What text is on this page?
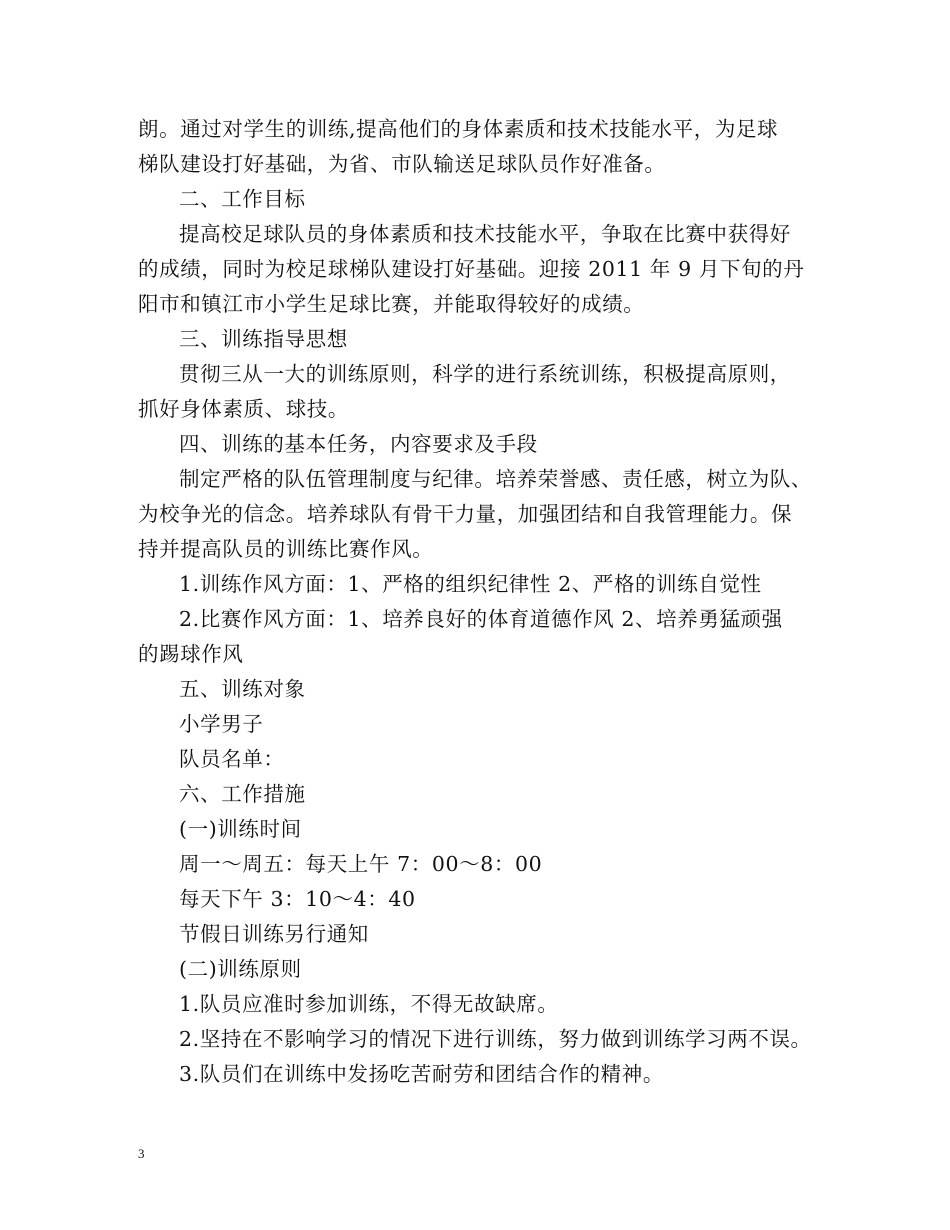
朗。通过对学生的训练,提高他们的身体素质和技术技能水平，为足球
梯队建设打好基础，为省、市队输送足球队员作好准备。
二、工作目标
提高校足球队员的身体素质和技术技能水平，争取在比赛中获得好
的成绩，同时为校足球梯队建设打好基础。迎接 2011 年 9 月下旬的丹
阳市和镇江市小学生足球比赛，并能取得较好的成绩。
三、训练指导思想
贯彻三从一大的训练原则，科学的进行系统训练，积极提高原则，
抓好身体素质、球技。
四、训练的基本任务，内容要求及手段
制定严格的队伍管理制度与纪律。培养荣誉感、责任感，树立为队、
为校争光的信念。培养球队有骨干力量，加强团结和自我管理能力。保
持并提高队员的训练比赛作风。
1.训练作风方面：1、严格的组织纪律性 2、严格的训练自觉性
2.比赛作风方面：1、培养良好的体育道德作风 2、培养勇猛顽强
的踢球作风
五、训练对象
小学男子
队员名单：
六、工作措施
(一)训练时间
周一～周五：每天上午 7：00～8：00
每天下午 3：10～4：40
节假日训练另行通知
(二)训练原则
1.队员应准时参加训练，不得无故缺席。
2.坚持在不影响学习的情况下进行训练，努力做到训练学习两不误。
3.队员们在训练中发扬吃苦耐劳和团结合作的精神。
3
